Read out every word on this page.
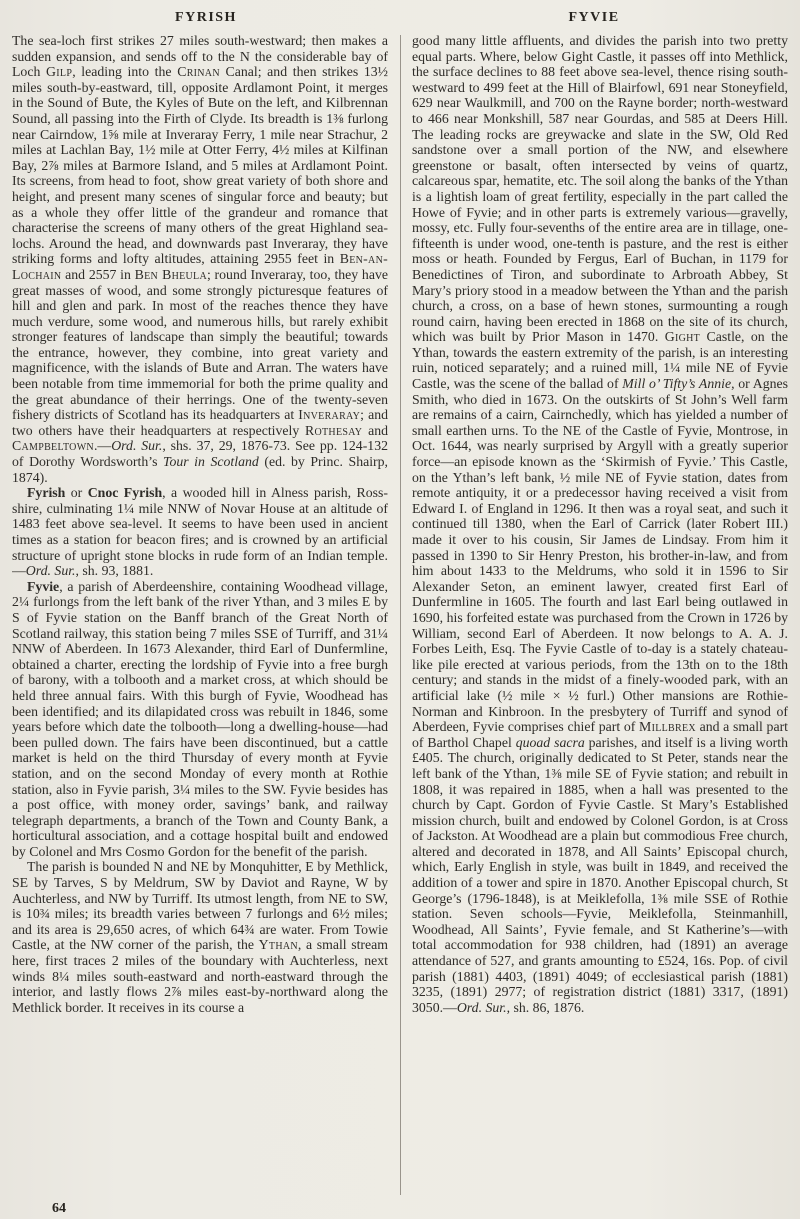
FYRISH	FYVIE

The sea-loch first strikes 27 miles south-westward; then makes a sudden expansion, and sends off to the N the considerable bay of Loch Gilp, leading into the Crinan Canal; and then strikes 13½ miles south-by-eastward, till, opposite Ardlamont Point, it merges in the Sound of Bute, the Kyles of Bute on the left, and Kilbrennan Sound, all passing into the Firth of Clyde. Its breadth is 1⅜ furlong near Cairndow, 1⅝ mile at Inveraray Ferry, 1 mile near Strachur, 2 miles at Lachlan Bay, 1½ mile at Otter Ferry, 4½ miles at Kilfinan Bay, 2⅞ miles at Barmore Island, and 5 miles at Ardlamont Point. Its screens, from head to foot, show great variety of both shore and height, and present many scenes of singular force and beauty; but as a whole they offer little of the grandeur and romance that characterise the screens of many others of the great Highland sea-lochs. Around the head, and downwards past Inveraray, they have striking forms and lofty altitudes, attaining 2955 feet in Ben-an-Lochain and 2557 in Ben Bheula; round Inveraray, too, they have great masses of wood, and some strongly picturesque features of hill and glen and park. In most of the reaches thence they have much verdure, some wood, and numerous hills, but rarely exhibit stronger features of landscape than simply the beautiful; towards the entrance, however, they combine, into great variety and magnificence, with the islands of Bute and Arran. The waters have been notable from time immemorial for both the prime quality and the great abundance of their herrings. One of the twenty-seven fishery districts of Scotland has its headquarters at Inveraray; and two others have their headquarters at respectively Rothesay and Campbeltown.—Ord. Sur., shs. 37, 29, 1876-73. See pp. 124-132 of Dorothy Wordsworth’s Tour in Scotland (ed. by Princ. Shairp, 1874).

Fyrish or Cnoc Fyrish, a wooded hill in Alness parish, Ross-shire, culminating 1¼ mile NNW of Novar House at an altitude of 1483 feet above sea-level. It seems to have been used in ancient times as a station for beacon fires; and is crowned by an artificial structure of upright stone blocks in rude form of an Indian temple.—Ord. Sur., sh. 93, 1881.

Fyvie, a parish of Aberdeenshire, containing Woodhead village, 2¼ furlongs from the left bank of the river Ythan, and 3 miles E by S of Fyvie station on the Banff branch of the Great North of Scotland railway, this station being 7 miles SSE of Turriff, and 31¼ NNW of Aberdeen. In 1673 Alexander, third Earl of Dunfermline, obtained a charter, erecting the lordship of Fyvie into a free burgh of barony, with a tolbooth and a market cross, at which should be held three annual fairs. With this burgh of Fyvie, Woodhead has been identified; and its dilapidated cross was rebuilt in 1846, some years before which date the tolbooth—long a dwelling-house—had been pulled down. The fairs have been discontinued, but a cattle market is held on the third Thursday of every month at Fyvie station, and on the second Monday of every month at Rothie station, also in Fyvie parish, 3¼ miles to the SW. Fyvie besides has a post office, with money order, savings’ bank, and railway telegraph departments, a branch of the Town and County Bank, a horticultural association, and a cottage hospital built and endowed by Colonel and Mrs Cosmo Gordon for the benefit of the parish.

The parish is bounded N and NE by Monquhitter, E by Methlick, SE by Tarves, S by Meldrum, SW by Daviot and Rayne, W by Auchterless, and NW by Turriff. Its utmost length, from NE to SW, is 10¾ miles; its breadth varies between 7 furlongs and 6½ miles; and its area is 29,650 acres, of which 64¾ are water. From Towie Castle, at the NW corner of the parish, the Ythan, a small stream here, first traces 2 miles of the boundary with Auchterless, next winds 8¼ miles south-eastward and north-eastward through the interior, and lastly flows 2⅞ miles east-by-northward along the Methlick border. It receives in its course a

good many little affluents, and divides the parish into two pretty equal parts. Where, below Gight Castle, it passes off into Methlick, the surface declines to 88 feet above sea-level, thence rising south-westward to 499 feet at the Hill of Blairfowl, 691 near Stoneyfield, 629 near Waulkmill, and 700 on the Rayne border; north-westward to 466 near Monkshill, 587 near Gourdas, and 585 at Deers Hill. The leading rocks are greywacke and slate in the SW, Old Red sandstone over a small portion of the NW, and elsewhere greenstone or basalt, often intersected by veins of quartz, calcareous spar, hematite, etc. The soil along the banks of the Ythan is a lightish loam of great fertility, especially in the part called the Howe of Fyvie; and in other parts is extremely various—gravelly, mossy, etc. Fully four-sevenths of the entire area are in tillage, one-fifteenth is under wood, one-tenth is pasture, and the rest is either moss or heath. Founded by Fergus, Earl of Buchan, in 1179 for Benedictines of Tiron, and subordinate to Arbroath Abbey, St Mary’s priory stood in a meadow between the Ythan and the parish church, a cross, on a base of hewn stones, surmounting a rough round cairn, having been erected in 1868 on the site of its church, which was built by Prior Mason in 1470. Gight Castle, on the Ythan, towards the eastern extremity of the parish, is an interesting ruin, noticed separately; and a ruined mill, 1¼ mile NE of Fyvie Castle, was the scene of the ballad of Mill o’ Tifty’s Annie, or Agnes Smith, who died in 1673. On the outskirts of St John’s Well farm are remains of a cairn, Cairnchedly, which has yielded a number of small earthen urns. To the NE of the Castle of Fyvie, Montrose, in Oct. 1644, was nearly surprised by Argyll with a greatly superior force—an episode known as the ‘Skirmish of Fyvie.’ This Castle, on the Ythan’s left bank, ½ mile NE of Fyvie station, dates from remote antiquity, it or a predecessor having received a visit from Edward I. of England in 1296. It then was a royal seat, and such it continued till 1380, when the Earl of Carrick (later Robert III.) made it over to his cousin, Sir James de Lindsay. From him it passed in 1390 to Sir Henry Preston, his brother-in-law, and from him about 1433 to the Meldrums, who sold it in 1596 to Sir Alexander Seton, an eminent lawyer, created first Earl of Dunfermline in 1605. The fourth and last Earl being outlawed in 1690, his forfeited estate was purchased from the Crown in 1726 by William, second Earl of Aberdeen. It now belongs to A. A. J. Forbes Leith, Esq. The Fyvie Castle of to-day is a stately chateau-like pile erected at various periods, from the 13th on to the 18th century; and stands in the midst of a finely-wooded park, with an artificial lake (½ mile × ½ furl.) Other mansions are Rothie-Norman and Kinbroon. In the presbytery of Turriff and synod of Aberdeen, Fyvie comprises chief part of Millbrex and a small part of Barthol Chapel quoad sacra parishes, and itself is a living worth £405. The church, originally dedicated to St Peter, stands near the left bank of the Ythan, 1⅜ mile SE of Fyvie station; and rebuilt in 1808, it was repaired in 1885, when a hall was presented to the church by Capt. Gordon of Fyvie Castle. St Mary’s Established mission church, built and endowed by Colonel Gordon, is at Cross of Jackston. At Woodhead are a plain but commodious Free church, altered and decorated in 1878, and All Saints’ Episcopal church, which, Early English in style, was built in 1849, and received the addition of a tower and spire in 1870. Another Episcopal church, St George’s (1796-1848), is at Meiklefolla, 1⅜ mile SSE of Rothie station. Seven schools—Fyvie, Meiklefolla, Steinmanhill, Woodhead, All Saints’, Fyvie female, and St Katherine’s—with total accommodation for 938 children, had (1891) an average attendance of 527, and grants amounting to £524, 16s. Pop. of civil parish (1881) 4403, (1891) 4049; of ecclesiastical parish (1881) 3235, (1891) 2977; of registration district (1881) 3317, (1891) 3050.—Ord. Sur., sh. 86, 1876.

64
